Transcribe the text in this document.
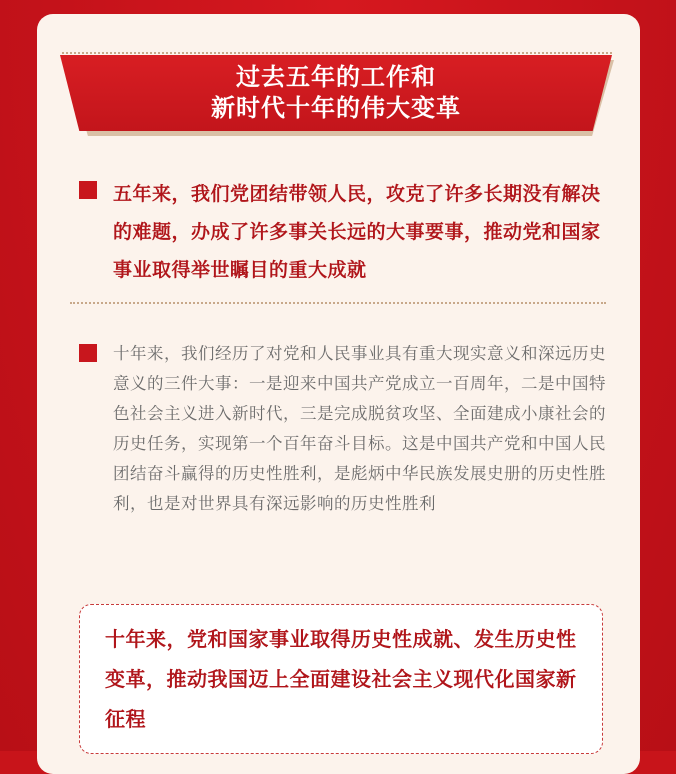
过去五年的工作和
新时代十年的伟大变革
五年来，我们党团结带领人民，攻克了许多长期没有解决的难题，办成了许多事关长远的大事要事，推动党和国家事业取得举世瞩目的重大成就
十年来，我们经历了对党和人民事业具有重大现实意义和深远历史意义的三件大事：一是迎来中国共产党成立一百周年，二是中国特色社会主义进入新时代，三是完成脱贫攻坚、全面建成小康社会的历史任务，实现第一个百年奋斗目标。这是中国共产党和中国人民团结奋斗赢得的历史性胜利，是彪炳中华民族发展史册的历史性胜利，也是对世界具有深远影响的历史性胜利
十年来，党和国家事业取得历史性成就、发生历史性变革，推动我国迈上全面建设社会主义现代化国家新征程
